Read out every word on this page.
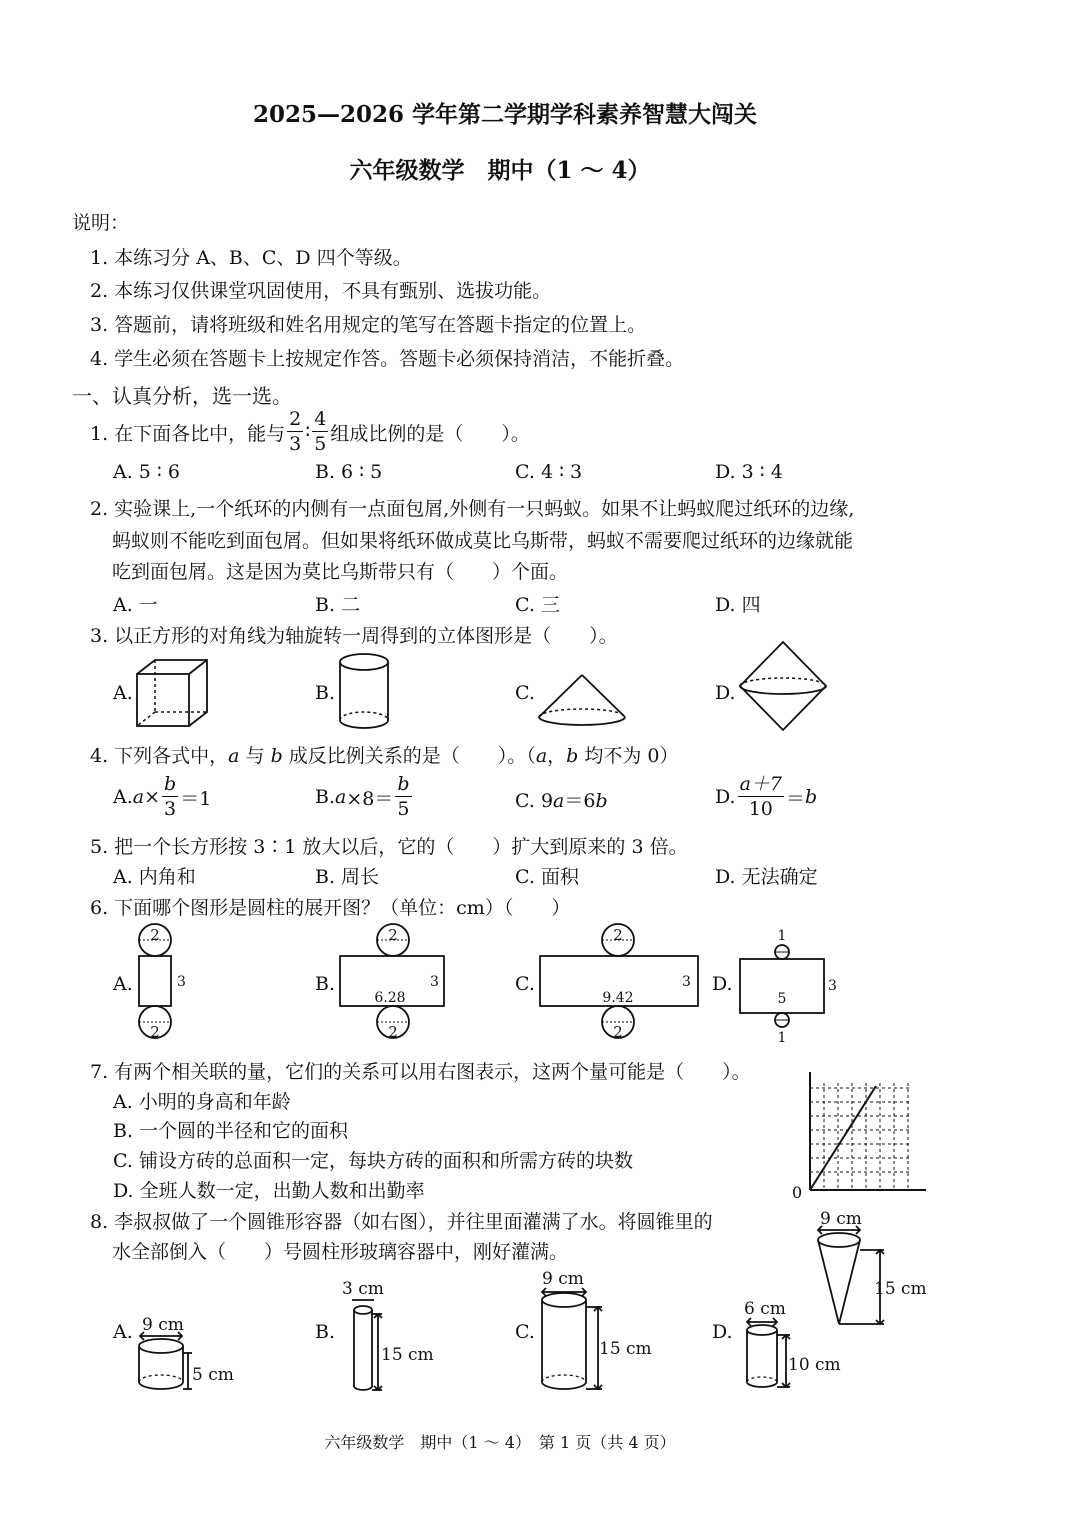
2025—2026 学年第二学期学科素养智慧大闯关
六年级数学　期中（1 ～ 4）
说明：
1. 本练习分 A、B、C、D 四个等级。
2. 本练习仅供课堂巩固使用，不具有甄别、选拔功能。
3. 答题前，请将班级和姓名用规定的笔写在答题卡指定的位置上。
4. 学生必须在答题卡上按规定作答。答题卡必须保持消洁，不能折叠。
一、认真分析，选一选。
1. 在下面各比中，能与 $\frac{2}{3}$ ∶ $\frac{4}{5}$ 组成比例的是（　　）。
A. 5 ∶ 6	B. 6 ∶ 5	C. 4 ∶ 3	D. 3 ∶ 4
2. 实验课上,一个纸环的内侧有一点面包屑,外侧有一只蚂蚁。如果不让蚂蚁爬过纸环的边缘,
蚂蚁则不能吃到面包屑。但如果将纸环做成莫比乌斯带，蚂蚁不需要爬过纸环的边缘就能
吃到面包屑。这是因为莫比乌斯带只有（　　）个面。
A. 一	B. 二	C. 三	D. 四
3. 以正方形的对角线为轴旋转一周得到的立体图形是（　　）。
A.	B.	C.	D.
4. 下列各式中，a 与 b 成反比例关系的是（　　）。（a，b 均不为 0）
A. $a \times \frac{b}{3} =1$	B. $a \times 8= \frac{b}{5}$	C. 9a＝6b	D. $\frac{a+7}{10} = b$
5. 把一个长方形按 3∶1 放大以后，它的（　　）扩大到原来的 3 倍。
A. 内角和	B. 周长	C. 面积	D. 无法确定
6. 下面哪个图形是圆柱的展开图？（单位：cm）（　　）
A.	B.	C.	D.
2
2
3
2
2
6.28
3
2
2
9.42
3
1
1
5
3
7. 有两个相关联的量，它们的关系可以用右图表示，这两个量可能是（　　）。
A. 小明的身高和年龄
B. 一个圆的半径和它的面积
C. 铺设方砖的总面积一定，每块方砖的面积和所需方砖的块数
D. 全班人数一定，出勤人数和出勤率	0
8. 李叔叔做了一个圆锥形容器（如右图），并往里面灌满了水。将圆锥里的
水全部倒入（　　）号圆柱形玻璃容器中，刚好灌满。
9 cm
15 cm
A.	B.	C.	D.
9 cm
5 cm
3 cm
15 cm
9 cm
15 cm
6 cm
10 cm
六年级数学　期中（1 ～ 4）　第 1 页（共 4 页）
